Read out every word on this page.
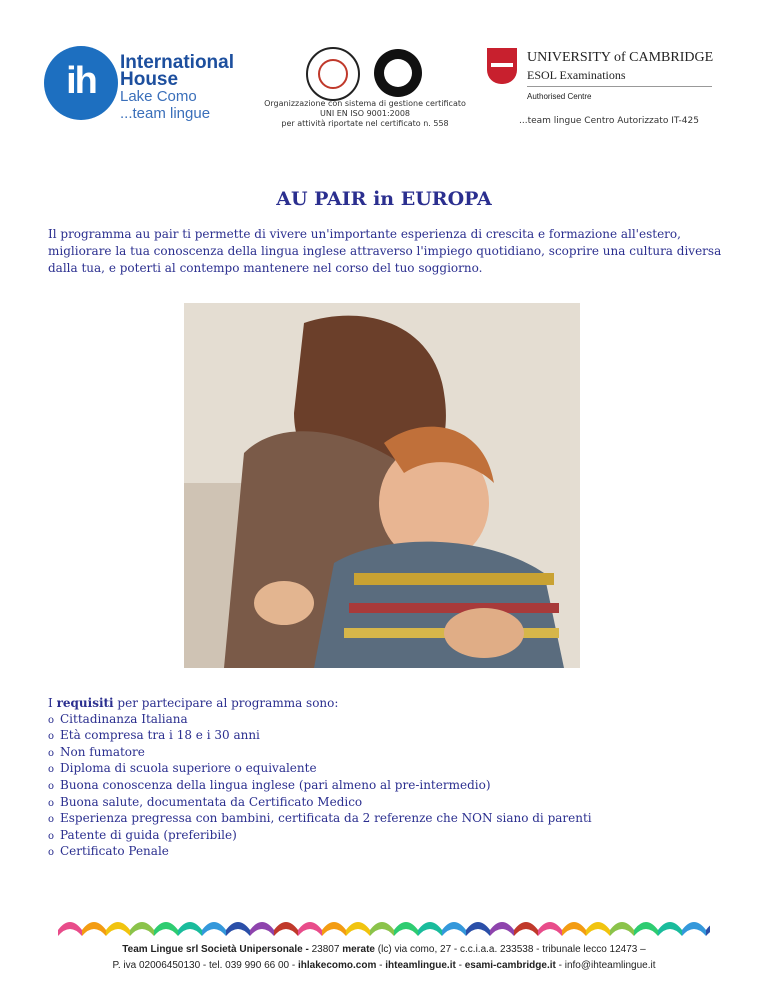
ih	International
House
Lake Como
...team lingue
Organizzazione con sistema di gestione certificato
UNI EN ISO 9001:2008
per attività riportate nel certificato n. 558
UNIVERSITY of CAMBRIDGE
ESOL Examinations
Authorised Centre
...team lingue Centro Autorizzato IT-425
AU PAIR in EUROPA
Il programma au pair ti permette di vivere un'importante esperienza di crescita e formazione all'estero, migliorare la tua conoscenza della lingua inglese attraverso l'impiego quotidiano, scoprire una cultura diversa dalla tua, e poterti al contempo mantenere nel corso del tuo soggiorno.
I requisiti per partecipare al programma sono:
o Cittadinanza Italiana
o Età compresa tra i 18 e i 30 anni
o Non fumatore
o Diploma di scuola superiore o equivalente
o Buona conoscenza della lingua inglese (pari almeno al pre-intermedio)
o Buona salute, documentata da Certificato Medico
o Esperienza pregressa con bambini, certificata da 2 referenze che NON siano di parenti
o Patente di guida (preferibile)
o Certificato Penale
Team Lingue srl Società Unipersonale - 23807 merate (lc) via como, 27 - c.c.i.a.a. 233538 - tribunale lecco 12473 –
P. iva 02006450130 - tel. 039 990 66 00 - ihlakecomo.com - ihteamlingue.it - esami-cambridge.it - info@ihteamlingue.it
